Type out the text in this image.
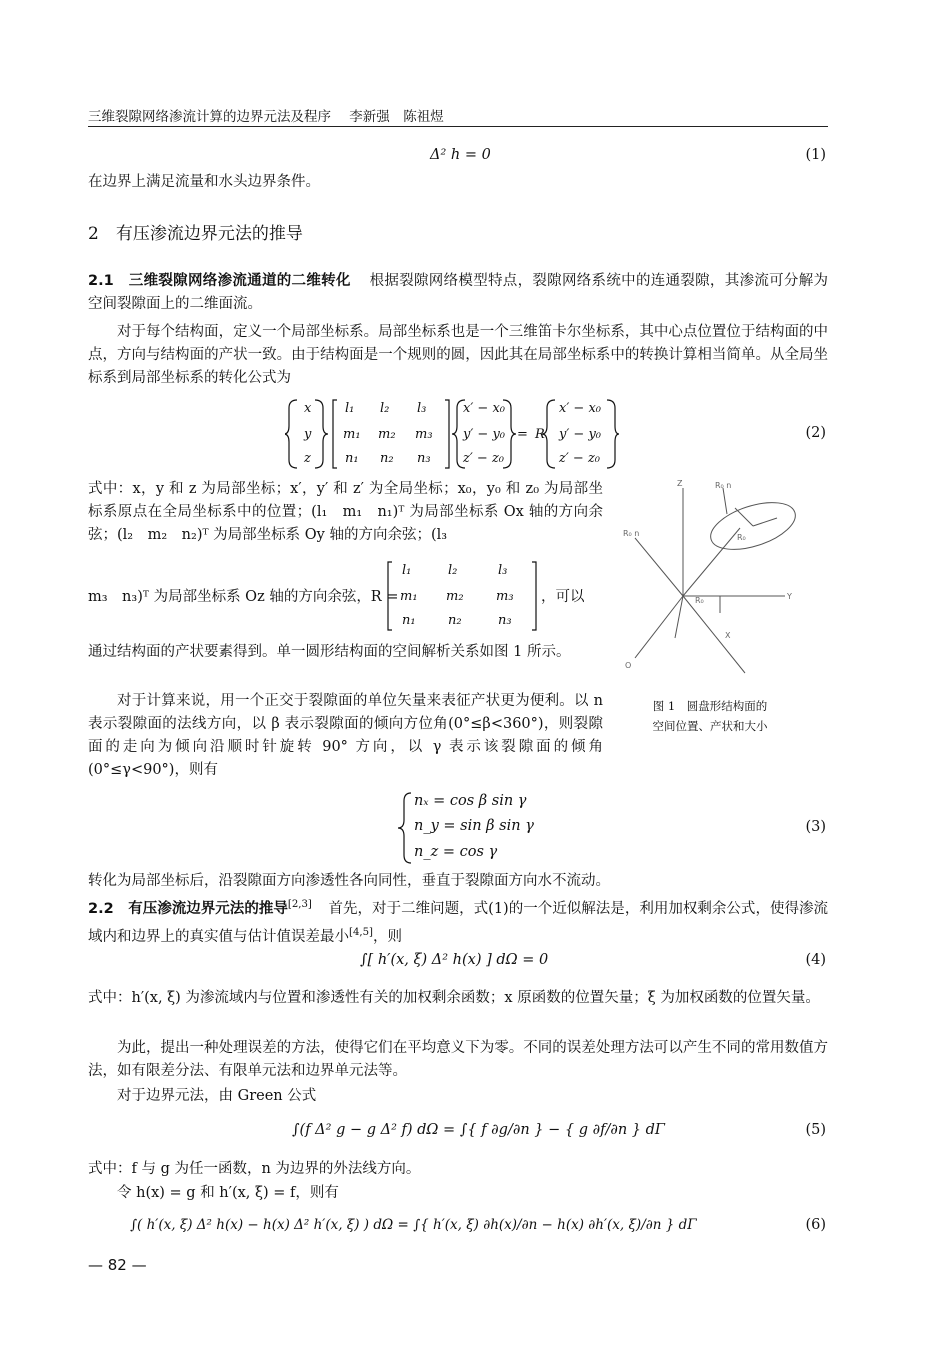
三维裂隙网络渗流计算的边界元法及程序 李新强　陈祖煜
Δ² h = 0	(1)
在边界上满足流量和水头边界条件。
2　有压渗流边界元法的推导
2.1　三维裂隙网络渗流通道的二维转化 根据裂隙网络模型特点，裂隙网络系统中的连通裂隙，其渗流可分解为空间裂隙面上的二维面流。
对于每个结构面，定义一个局部坐标系。局部坐标系也是一个三维笛卡尔坐标系，其中心点位置位于结构面的中点，方向与结构面的产状一致。由于结构面是一个规则的圆，因此其在局部坐标系中的转换计算相当简单。从全局坐标系到局部坐标系的转化公式为
x
y
z
l₁ l₂ l₃
m₁ m₂ m₃
n₁ n₂ n₃
x′ − x₀
y′ − y₀
z′ − z₀
= R
x′ − x₀
y′ − y₀
z′ − z₀
(2)
式中：x，y 和 z 为局部坐标；x′，y′ 和 z′ 为全局坐标；x₀，y₀ 和 z₀ 为局部坐标系原点在全局坐标系中的位置；(l₁　m₁　n₁)ᵀ 为局部坐标系 Ox 轴的方向余弦；(l₂　m₂　n₂)ᵀ 为局部坐标系 Oy 轴的方向余弦；(l₃
m₃　n₃)ᵀ 为局部坐标系 Oz 轴的方向余弦，R =
l₁	l₂	l₃
m₁ m₂ m₃
n₁ n₂	n₃
，可以
通过结构面的产状要素得到。单一圆形结构面的空间解析关系如图 1 所示。
对于计算来说，用一个正交于裂隙面的单位矢量来表征产状更为便利。以 n 表示裂隙面的法线方向，以 β 表示裂隙面的倾向方位角(0°≤β<360°)，则裂隙面的走向为倾向沿顺时针旋转 90° 方向，以 γ 表示该裂隙面的倾角(0°≤γ<90°)，则有
Z
Y
O
R₀ n
R₀ n	R₀
R₀
X
图 1　圆盘形结构面的
空间位置、产状和大小
nₓ = cos β sin γ
n_y = sin β sin γ
n_z = cos γ
(3)
转化为局部坐标后，沿裂隙面方向渗透性各向同性，垂直于裂隙面方向水不流动。
2.2　有压渗流边界元法的推导[2,3] 首先，对于二维问题，式(1)的一个近似解法是，利用加权剩余公式，使得渗流域内和边界上的真实值与估计值误差最小[4,5]，则
∫[ h′(x, ξ) Δ² h(x) ] dΩ = 0	(4)
式中：h′(x, ξ) 为渗流域内与位置和渗透性有关的加权剩余函数；x 原函数的位置矢量；ξ 为加权函数的位置矢量。
为此，提出一种处理误差的方法，使得它们在平均意义下为零。不同的误差处理方法可以产生不同的常用数值方法，如有限差分法、有限单元法和边界单元法等。
对于边界元法，由 Green 公式
∫(f Δ² g − g Δ² f) dΩ = ∫{ f ∂g/∂n } − { g ∂f/∂n } dΓ	(5)
式中：f 与 g 为任一函数，n 为边界的外法线方向。
令 h(x) = g 和 h′(x, ξ) = f，则有
∫( h′(x, ξ) Δ² h(x) − h(x) Δ² h′(x, ξ) ) dΩ = ∫{ h′(x, ξ) ∂h(x)/∂n − h(x) ∂h′(x, ξ)/∂n } dΓ	(6)
— 82 —
